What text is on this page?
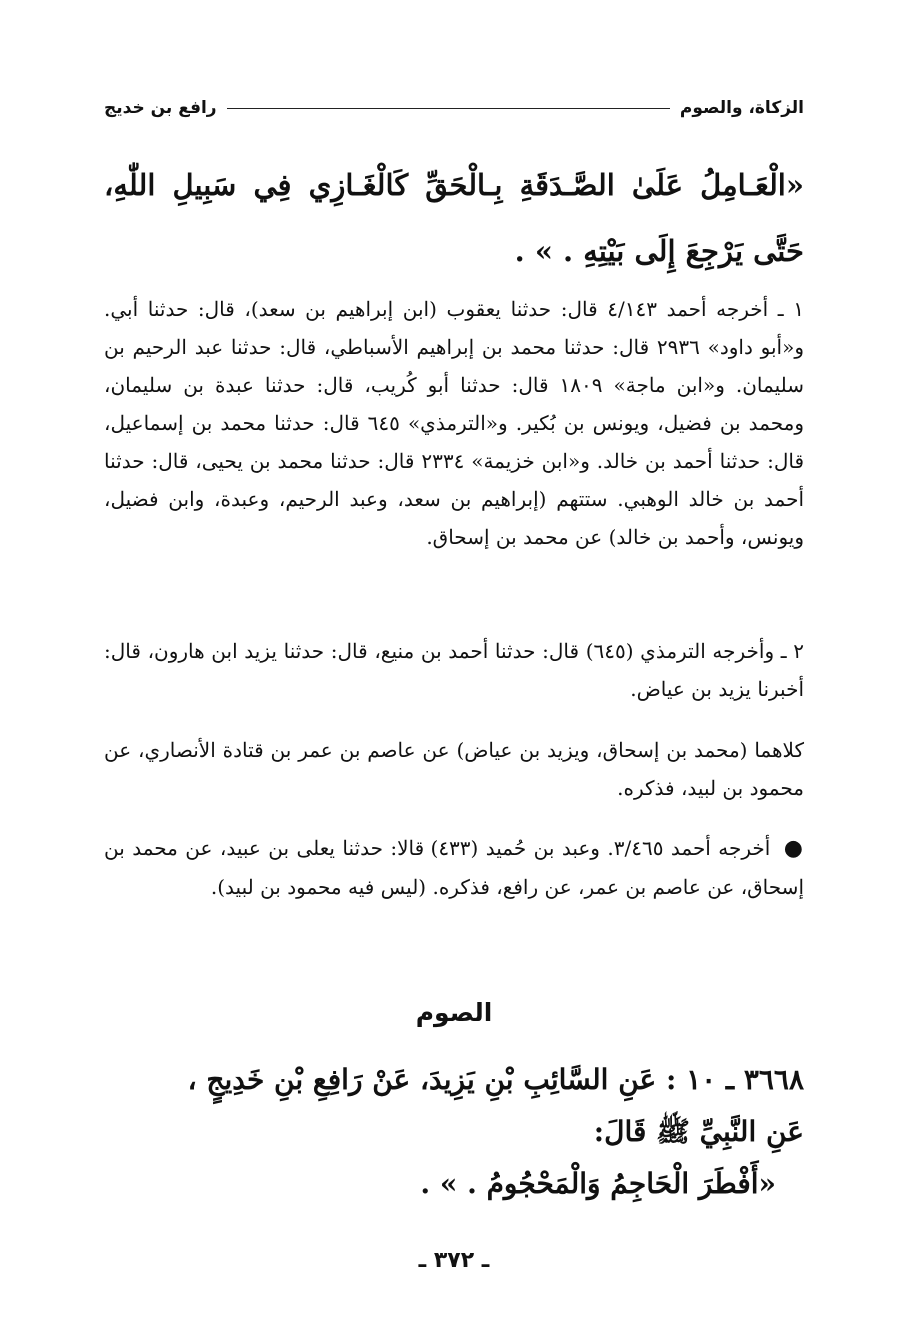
الزكاة، والصوم
رافع بن خديج
«الْعَـامِلُ عَلَىٰ الصَّـدَقَةِ بِـالْحَقِّ كَالْغَـازِي فِي سَبِيلِ اللّٰهِ، حَتَّى يَرْجِعَ إِلَى بَيْتِهِ . » .
١ ـ أخرجه أحمد ٤/١٤٣ قال: حدثنا يعقوب (ابن إبراهيم بن سعد)، قال: حدثنا أبي. و«أبو داود» ٢٩٣٦ قال: حدثنا محمد بن إبراهيم الأسباطي، قال: حدثنا عبد الرحيم بن سليمان. و«ابن ماجة» ١٨٠٩ قال: حدثنا أبو كُريب، قال: حدثنا عبدة بن سليمان، ومحمد بن فضيل، ويونس بن بُكير. و«الترمذي» ٦٤٥ قال: حدثنا محمد بن إسماعيل، قال: حدثنا أحمد بن خالد. و«ابن خزيمة» ٢٣٣٤ قال: حدثنا محمد بن يحيى، قال: حدثنا أحمد بن خالد الوهبي. ستتهم (إبراهيم بن سعد، وعبد الرحيم، وعبدة، وابن فضيل، ويونس، وأحمد بن خالد) عن محمد بن إسحاق.
٢ ـ وأخرجه الترمذي (٦٤٥) قال: حدثنا أحمد بن منيع، قال: حدثنا يزيد ابن هارون، قال: أخبرنا يزيد بن عياض.
كلاهما (محمد بن إسحاق، ويزيد بن عياض) عن عاصم بن عمر بن قتادة الأنصاري، عن محمود بن لبيد، فذكره.
● أخرجه أحمد ٣/٤٦٥. وعبد بن حُميد (٤٣٣) قالا: حدثنا يعلى بن عبيد، عن محمد بن إسحاق، عن عاصم بن عمر، عن رافع، فذكره. (ليس فيه محمود بن لبيد).
الصوم
٣٦٦٨ ـ ١٠ : عَنِ السَّائِبِ بْنِ يَزِيدَ، عَنْ رَافِعِ بْنِ خَدِيجٍ ،
عَنِ النَّبِيِّ ﷺ قَالَ:
«أَفْطَرَ الْحَاجِمُ وَالْمَحْجُومُ . » .
ـ ٣٧٢ ـ
